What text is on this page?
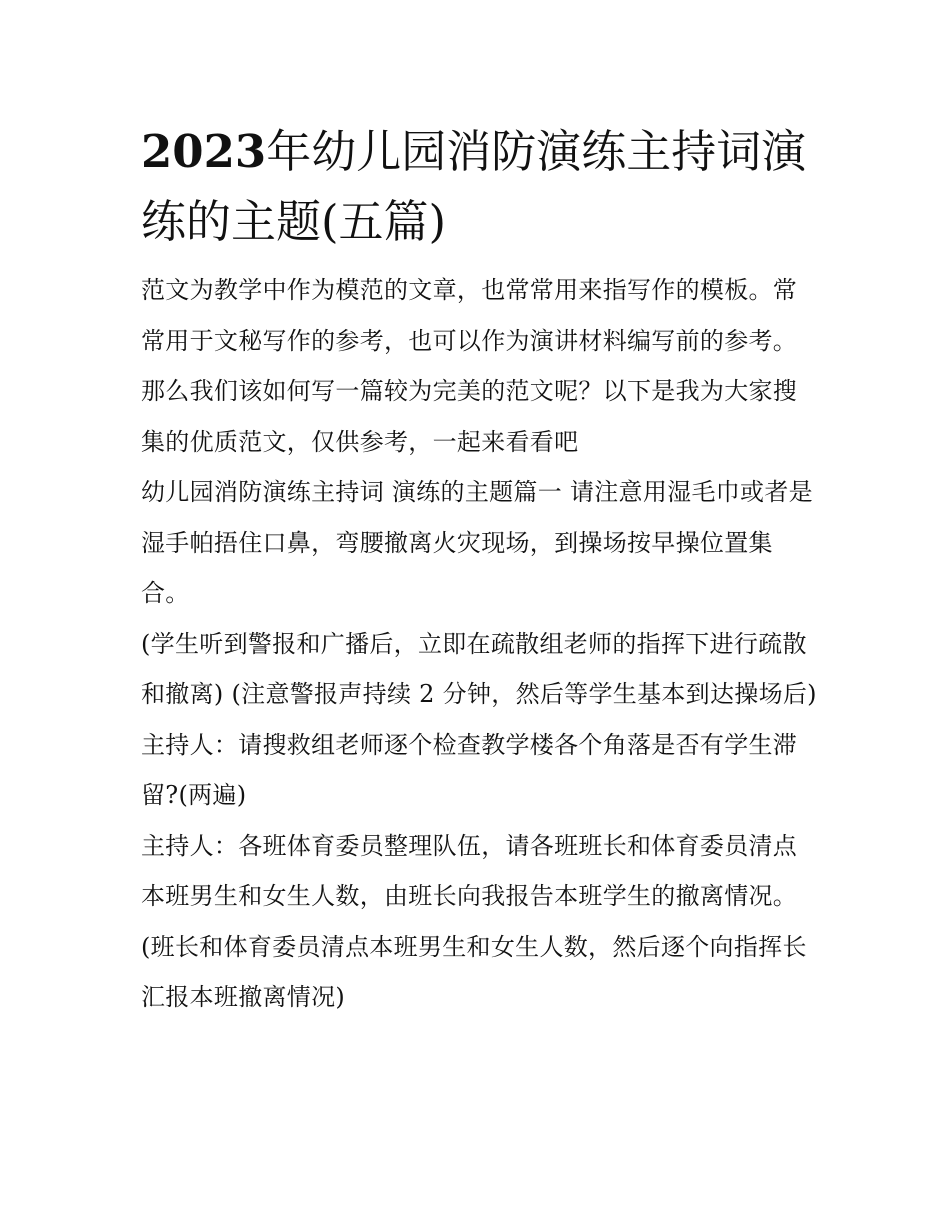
2023年幼儿园消防演练主持词演练的主题(五篇)

范文为教学中作为模范的文章，也常常用来指写作的模板。常常用于文秘写作的参考，也可以作为演讲材料编写前的参考。那么我们该如何写一篇较为完美的范文呢？以下是我为大家搜集的优质范文，仅供参考，一起来看看吧

幼儿园消防演练主持词 演练的主题篇一 请注意用湿毛巾或者是湿手帕捂住口鼻，弯腰撤离火灾现场，到操场按早操位置集合。

(学生听到警报和广播后，立即在疏散组老师的指挥下进行疏散和撤离) (注意警报声持续 2 分钟，然后等学生基本到达操场后)

主持人：请搜救组老师逐个检查教学楼各个角落是否有学生滞留?(两遍)

主持人：各班体育委员整理队伍，请各班班长和体育委员清点本班男生和女生人数，由班长向我报告本班学生的撤离情况。

(班长和体育委员清点本班男生和女生人数，然后逐个向指挥长汇报本班撤离情况)
